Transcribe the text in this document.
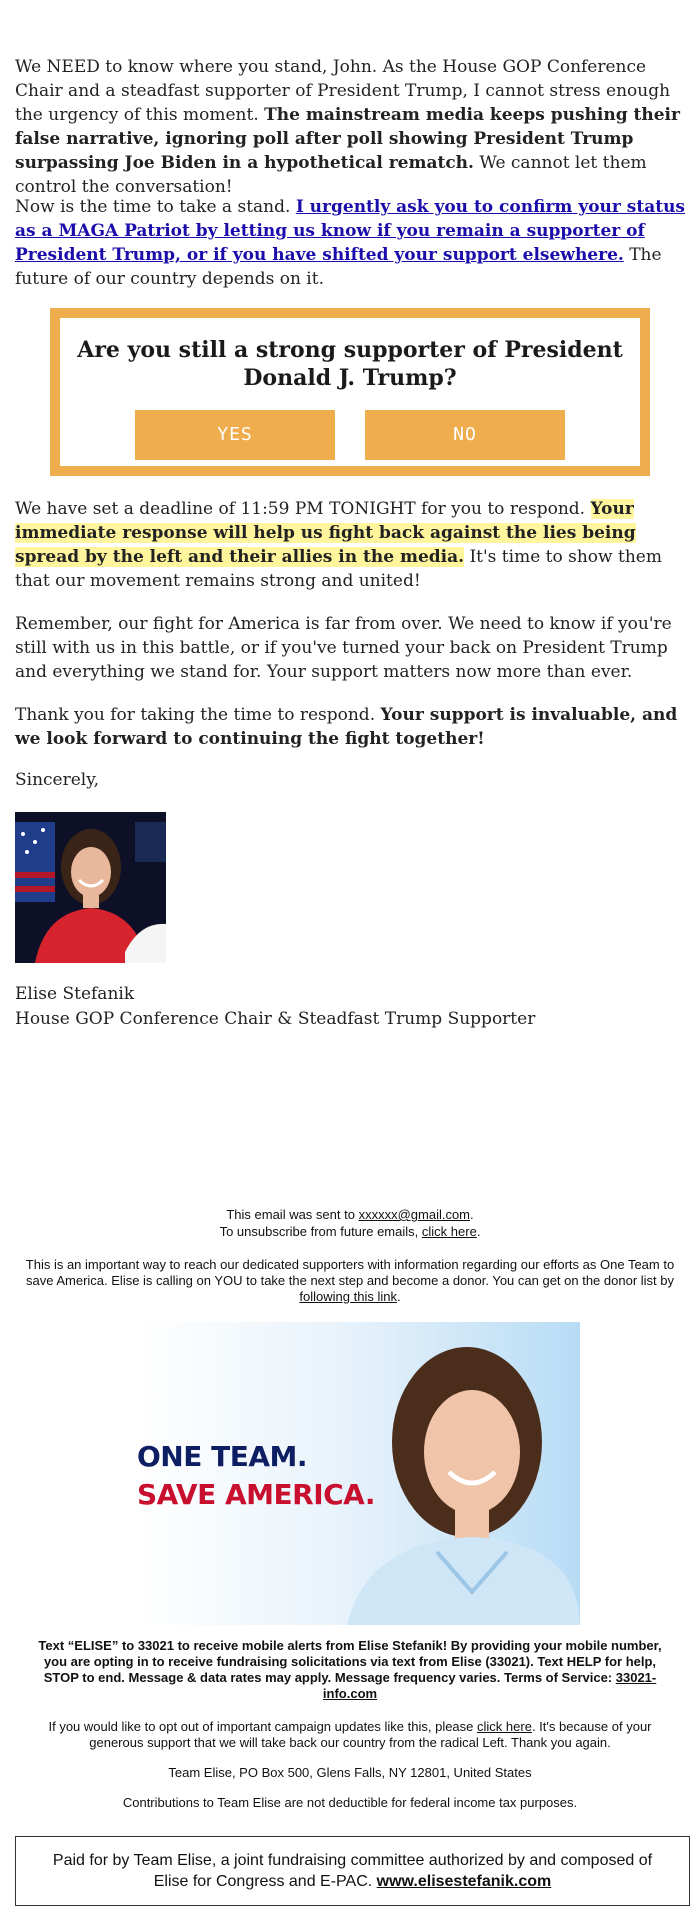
We NEED to know where you stand, John. As the House GOP Conference Chair and a steadfast supporter of President Trump, I cannot stress enough the urgency of this moment. The mainstream media keeps pushing their false narrative, ignoring poll after poll showing President Trump surpassing Joe Biden in a hypothetical rematch. We cannot let them control the conversation!

Now is the time to take a stand. I urgently ask you to confirm your status as a MAGA Patriot by letting us know if you remain a supporter of President Trump, or if you have shifted your support elsewhere. The future of our country depends on it.

Are you still a strong supporter of President Donald J. Trump?
YES	NO

We have set a deadline of 11:59 PM TONIGHT for you to respond. Your immediate response will help us fight back against the lies being spread by the left and their allies in the media. It's time to show them that our movement remains strong and united!

Remember, our fight for America is far from over. We need to know if you're still with us in this battle, or if you've turned your back on President Trump and everything we stand for. Your support matters now more than ever.

Thank you for taking the time to respond. Your support is invaluable, and we look forward to continuing the fight together!

Sincerely,

Elise Stefanik
House GOP Conference Chair & Steadfast Trump Supporter
This email was sent to xxxxxx@gmail.com.
To unsubscribe from future emails, click here.
This is an important way to reach our dedicated supporters with information regarding our efforts as One Team to save America. Elise is calling on YOU to take the next step and become a donor. You can get on the donor list by following this link.
ONE TEAM.
SAVE AMERICA.
Text “ELISE” to 33021 to receive mobile alerts from Elise Stefanik! By providing your mobile number, you are opting in to receive fundraising solicitations via text from Elise (33021). Text HELP for help, STOP to end. Message & data rates may apply. Message frequency varies. Terms of Service: 33021-info.com
If you would like to opt out of important campaign updates like this, please click here. It's because of your generous support that we will take back our country from the radical Left. Thank you again.
Team Elise, PO Box 500, Glens Falls, NY 12801, United States
Contributions to Team Elise are not deductible for federal income tax purposes.
Paid for by Team Elise, a joint fundraising committee authorized by and composed of Elise for Congress and E-PAC. www.elisestefanik.com
